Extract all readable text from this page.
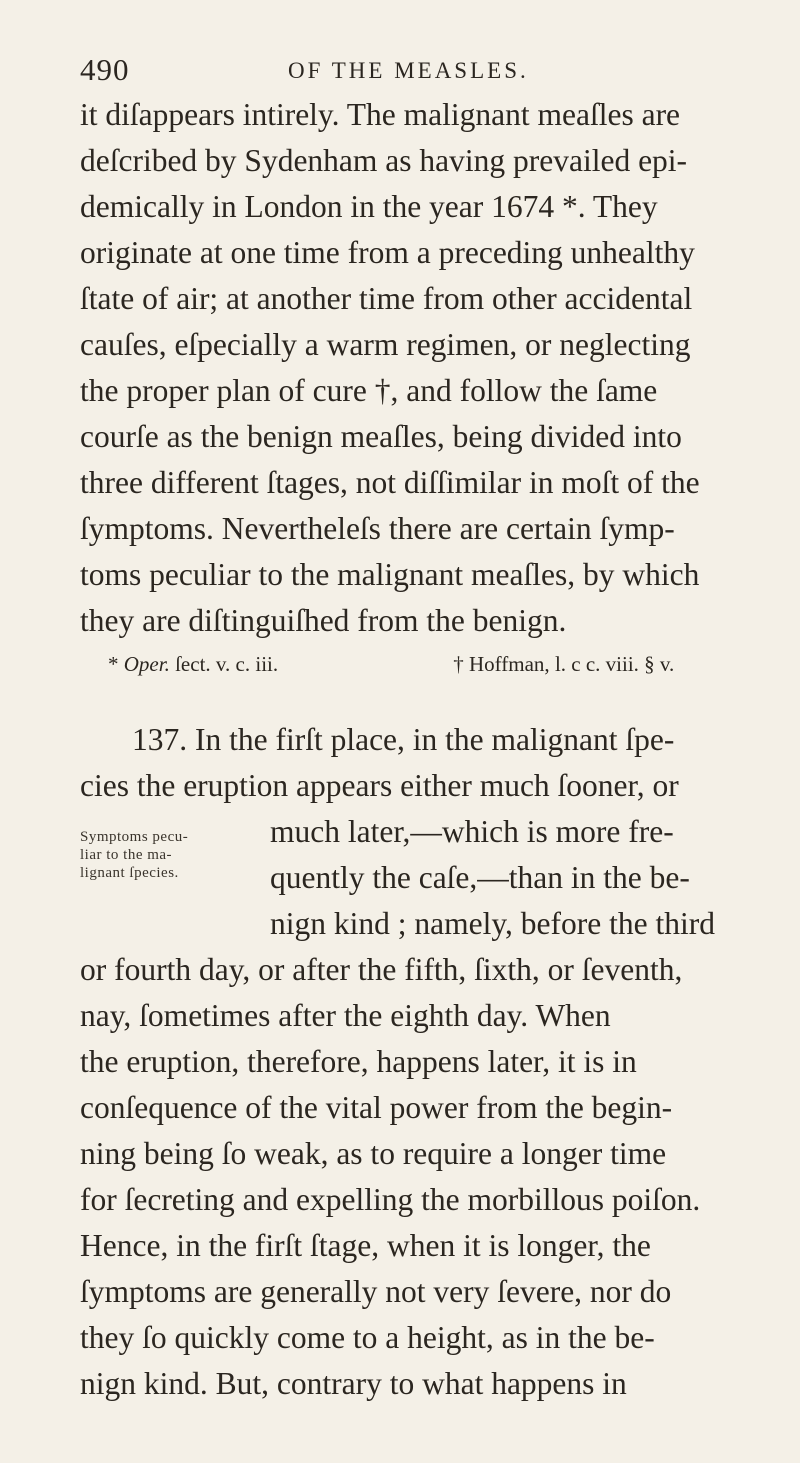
490	OF THE MEASLES.
it diſappears intirely. The malignant meaſles are
deſcribed by Sydenham as having prevailed epi-
demically in London in the year 1674 *. They
originate at one time from a preceding unhealthy
ſtate of air; at another time from other accidental
cauſes, eſpecially a warm regimen, or neglecting
the proper plan of cure †, and follow the ſame
courſe as the benign meaſles, being divided into
three different ſtages, not diſſimilar in moſt of the
ſymptoms. Nevertheleſs there are certain ſymp-
toms peculiar to the malignant meaſles, by which
they are diſtinguiſhed from the benign.
* Oper. ſect. v. c. iii.	† Hoffman, l. c c. viii. § v.
Symptoms pecu-
liar to the ma-
lignant ſpecies.
137. In the firſt place, in the malignant ſpe-
cies the eruption appears either much ſooner, or
much later,—which is more fre-
quently the caſe,—than in the be-
nign kind ; namely, before the third
or fourth day, or after the fifth, ſixth, or ſeventh,
nay, ſometimes after the eighth day. When
the eruption, therefore, happens later, it is in
conſequence of the vital power from the begin-
ning being ſo weak, as to require a longer time
for ſecreting and expelling the morbillous poiſon.
Hence, in the firſt ſtage, when it is longer, the
ſymptoms are generally not very ſevere, nor do
they ſo quickly come to a height, as in the be-
nign kind. But, contrary to what happens in
